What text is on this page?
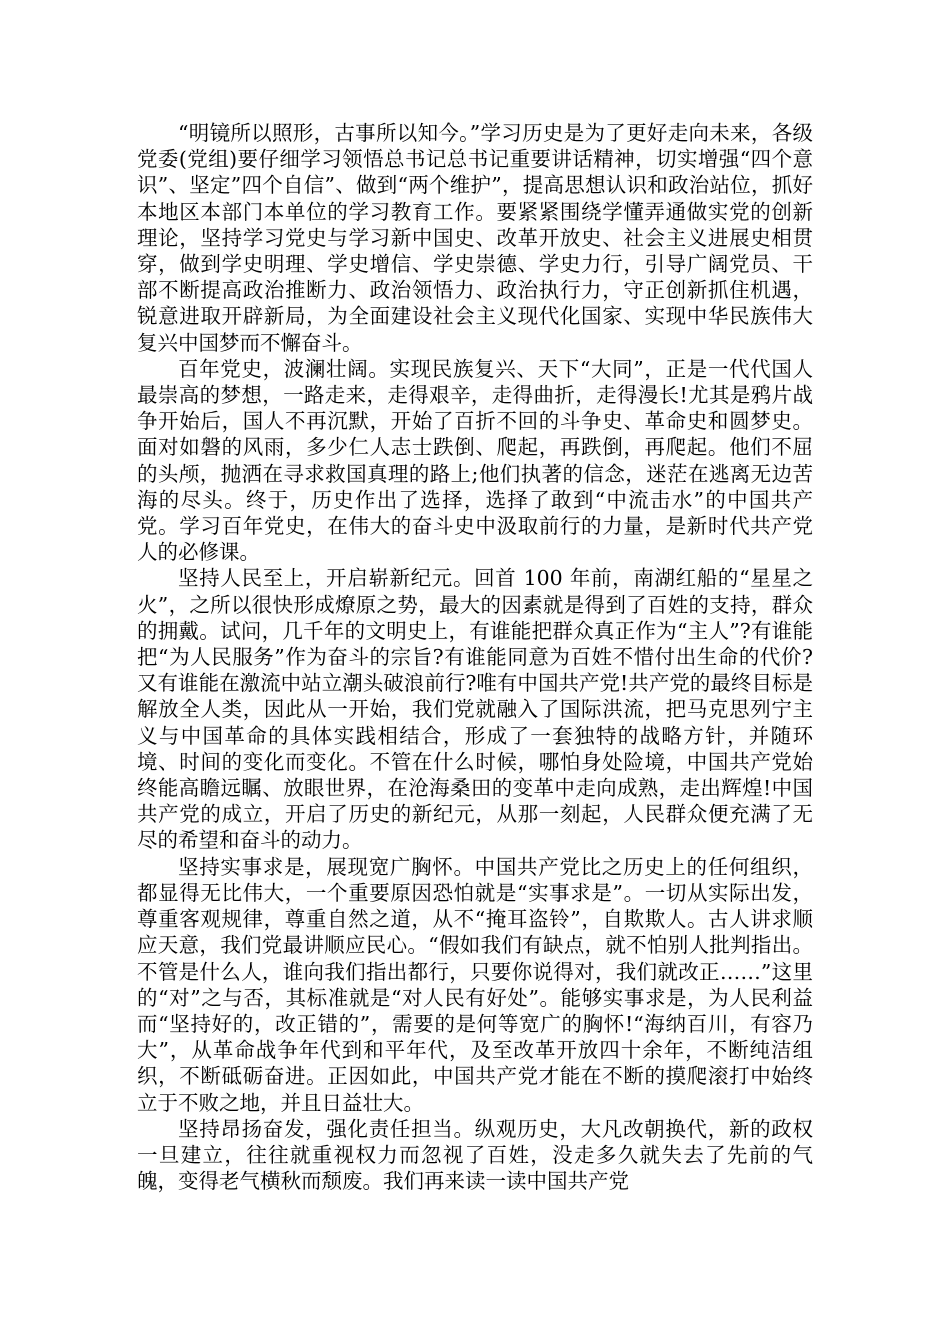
“明镜所以照形，古事所以知今。”学习历史是为了更好走向未来，各级党委(党组)要仔细学习领悟总书记总书记重要讲话精神，切实增强“四个意识”、坚定”四个自信”、做到“两个维护”，提高思想认识和政治站位，抓好本地区本部门本单位的学习教育工作。要紧紧围绕学懂弄通做实党的创新理论，坚持学习党史与学习新中国史、改革开放史、社会主义进展史相贯穿，做到学史明理、学史增信、学史崇德、学史力行，引导广阔党员、干部不断提高政治推断力、政治领悟力、政治执行力，守正创新抓住机遇，锐意进取开辟新局，为全面建设社会主义现代化国家、实现中华民族伟大复兴中国梦而不懈奋斗。

百年党史，波澜壮阔。实现民族复兴、天下“大同”，正是一代代国人最崇高的梦想，一路走来，走得艰辛，走得曲折，走得漫长!尤其是鸦片战争开始后，国人不再沉默，开始了百折不回的斗争史、革命史和圆梦史。面对如磐的风雨，多少仁人志士跌倒、爬起，再跌倒，再爬起。他们不屈的头颅，抛洒在寻求救国真理的路上;他们执著的信念，迷茫在逃离无边苦海的尽头。终于，历史作出了选择，选择了敢到“中流击水”的中国共产党。学习百年党史，在伟大的奋斗史中汲取前行的力量，是新时代共产党人的必修课。

坚持人民至上，开启崭新纪元。回首 100 年前，南湖红船的“星星之火”，之所以很快形成燎原之势，最大的因素就是得到了百姓的支持，群众的拥戴。试问，几千年的文明史上，有谁能把群众真正作为“主人”?有谁能把“为人民服务”作为奋斗的宗旨?有谁能同意为百姓不惜付出生命的代价?又有谁能在激流中站立潮头破浪前行?唯有中国共产党!共产党的最终目标是解放全人类，因此从一开始，我们党就融入了国际洪流，把马克思列宁主义与中国革命的具体实践相结合，形成了一套独特的战略方针，并随环境、时间的变化而变化。不管在什么时候，哪怕身处险境，中国共产党始终能高瞻远瞩、放眼世界，在沧海桑田的变革中走向成熟，走出辉煌!中国共产党的成立，开启了历史的新纪元，从那一刻起，人民群众便充满了无尽的希望和奋斗的动力。

坚持实事求是，展现宽广胸怀。中国共产党比之历史上的任何组织，都显得无比伟大，一个重要原因恐怕就是“实事求是”。一切从实际出发，尊重客观规律，尊重自然之道，从不“掩耳盗铃”，自欺欺人。古人讲求顺应天意，我们党最讲顺应民心。“假如我们有缺点，就不怕别人批判指出。不管是什么人，谁向我们指出都行，只要你说得对，我们就改正……”这里的“对”之与否，其标准就是“对人民有好处”。能够实事求是，为人民利益而“坚持好的，改正错的”，需要的是何等宽广的胸怀!“海纳百川，有容乃大”，从革命战争年代到和平年代，及至改革开放四十余年，不断纯洁组织，不断砥砺奋进。正因如此，中国共产党才能在不断的摸爬滚打中始终立于不败之地，并且日益壮大。

坚持昂扬奋发，强化责任担当。纵观历史，大凡改朝换代，新的政权一旦建立，往往就重视权力而忽视了百姓，没走多久就失去了先前的气魄，变得老气横秋而颓废。我们再来读一读中国共产党
